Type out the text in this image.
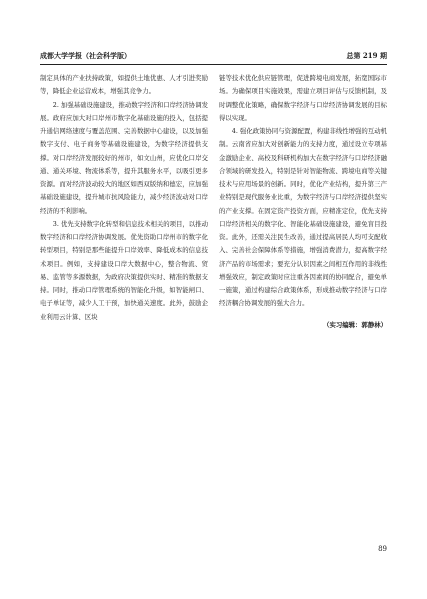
成都大学学报（社会科学版）	总第 219 期

制定具体的产业扶持政策，如提供土地优惠、人才引进奖励等，降低企业运营成本，增强其竞争力。

2. 加强基础设施建设，推动数字经济和口岸经济协调发展。政府应加大对口岸州市数字化基础设施的投入，包括提升通信网络速度与覆盖范围、完善数据中心建设，以及加强数字支付、电子商务等基础设施建设，为数字经济提供支撑。对口岸经济发展较好的州市，如文山州，应优化口岸交通、通关环境、物流体系等，提升其服务水平，以吸引更多资源。而对经济波动较大的地区如西双版纳和德宏，应加强基础设施建设，提升城市抗风险能力，减少经济波动对口岸经济的不利影响。

3. 优先支持数字化转型和信息技术相关的项目，以推动数字经济和口岸经济协调发展。优先资助口岸州市的数字化转型项目，特别是那些能提升口岸效率、降低成本的信息技术项目。例如，支持建设口岸大数据中心，整合物流、贸易、监管等多源数据，为政府决策提供实时、精准的数据支持。同时，推动口岸管理系统的智能化升级，如智能闸口、电子单证等，减少人工干预，加快通关速度。此外，鼓励企业利用云计算、区块

链等技术优化供应链管理，促进跨境电商发展，拓宽国际市场。为确保项目实施效果，需建立项目评估与反馈机制，及时调整优化策略，确保数字经济与口岸经济协调发展的目标得以实现。

4. 强化政策协同与资源配置，构建非线性增强的互动机制。云南省应加大对创新能力的支持力度，通过设立专项基金激励企业、高校及科研机构加大在数字经济与口岸经济融合领域的研发投入，特别是针对智能物流、跨境电商等关键技术与应用场景的创新。同时，优化产业结构，提升第三产业特别是现代服务业比重，为数字经济与口岸经济提供坚实的产业支撑。在固定资产投资方面，应精准定位，优先支持口岸经济相关的数字化、智能化基础设施建设，避免盲目投资。此外，还需关注民生改善，通过提高居民人均可支配收入、完善社会保障体系等措施，增强消费潜力，提高数字经济产品的市场需求；要充分认识因素之间相互作用的非线性增强效应，制定政策时应注重各因素间的协同配合，避免单一施策，通过构建综合政策体系，形成推动数字经济与口岸经济耦合协调发展的强大合力。

（实习编辑：郭静林）

89
